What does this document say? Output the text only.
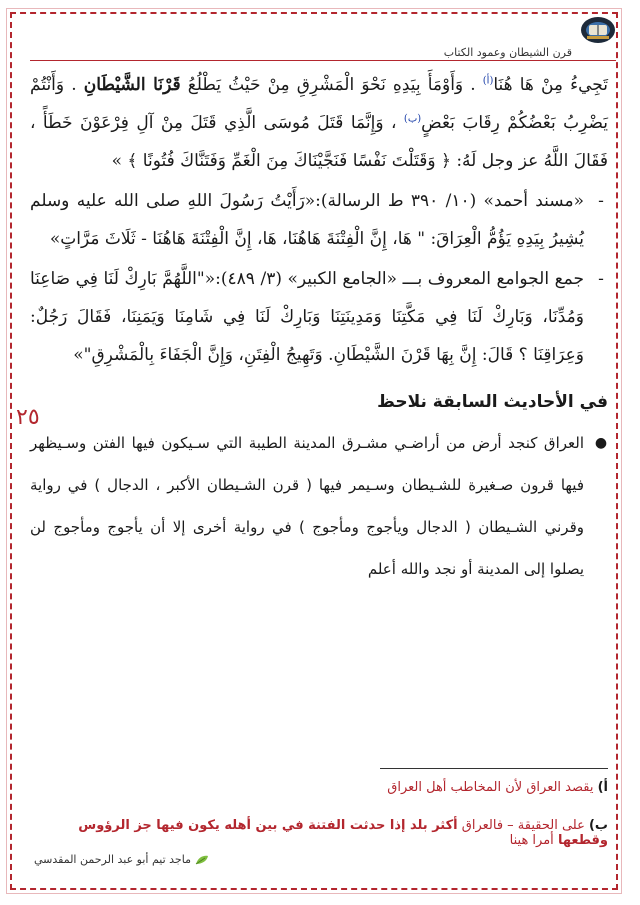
قرن الشيطان وعمود الكتاب
٢٥

تَجِيءُ مِنْ هَا هُنَا$^{(أ)}$ . وَأَوْمَأَ بِيَدِهِ نَحْوَ الْمَشْرِقِ مِنْ حَيْثُ يَطْلُعُ قَرْنَا الشَّيْطَانِ . وَأَنْتُمْ يَضْرِبُ بَعْضُكُمْ رِقَابَ بَعْضٍ$^{(ب)}$ ، وَإِنَّمَا قَتَلَ مُوسَى الَّذِي قَتَلَ مِنْ آلِ فِرْعَوْنَ خَطَأً ، فَقَالَ اللَّهُ عز وجل لَهُ: ﴿ وَقَتَلْتَ نَفْسًا فَنَجَّيْنَاكَ مِنَ الْغَمِّ وَفَتَنَّاكَ فُتُونًا ﴾ »

-

«مسند أحمد» (١٠/ ٣٩٠ ط الرسالة):«رَأَيْتُ رَسُولَ اللهِ صلى الله عليه وسلم يُشِيرُ بِيَدِهِ يَؤُمُّ الْعِرَاقَ: " هَا، إِنَّ الْفِتْنَةَ هَاهُنَا، هَا، إِنَّ الْفِتْنَةَ هَاهُنَا - ثَلَاثَ مَرَّاتٍ»

-

جمع الجوامع المعروف بـــ «الجامع الكبير» (٣/ ٤٨٩):«"اللَّهُمَّ بَارِكْ لَنَا فِي صَاعِنَا وَمُدِّنَا، وَبَارِكْ لَنَا فِي مَكَّتِنَا وَمَدِينَتِنَا وَبَارِكْ لَنَا فِي شَامِنَا وَيَمَنِنَا، فَقَالَ رَجُلٌ: وَعِرَاقِنَا ؟ قَالَ: إِنَّ بِهَا قَرْنَ الشَّيْطَانِ. وَتَهِيجُ الْفِتَنِ، وَإِنَّ الْجَفَاءَ بِالْمَشْرِقِ"»

في الأحاديث السابقة نلاحظ
●
العراق كنجد أرض من أراضـي مشـرق المدينة الطيبة التي سـيكون فيها الفتن وسـيظهر فيها قرون صـغيرة للشـيطان وسـيمر فيها ( قرن الشـيطان الأكبر ، الدجال ) في رواية وقرني الشـيطان ( الدجال ويأجوج ومأجوج ) في رواية أخرى إلا أن يأجوج ومأجوج لن يصلوا إلى المدينة أو نجد والله أعلم
أ) يقصد العراق لأن المخاطب أهل العراق
ب) على الحقيقة – فالعراق أكثر بلد إذا حدثت الفتنة في بين أهله يكون فيها جز الرؤوس وقطعها أمرا هينا
ماجد تيم أبو عبد الرحمن المقدسي
